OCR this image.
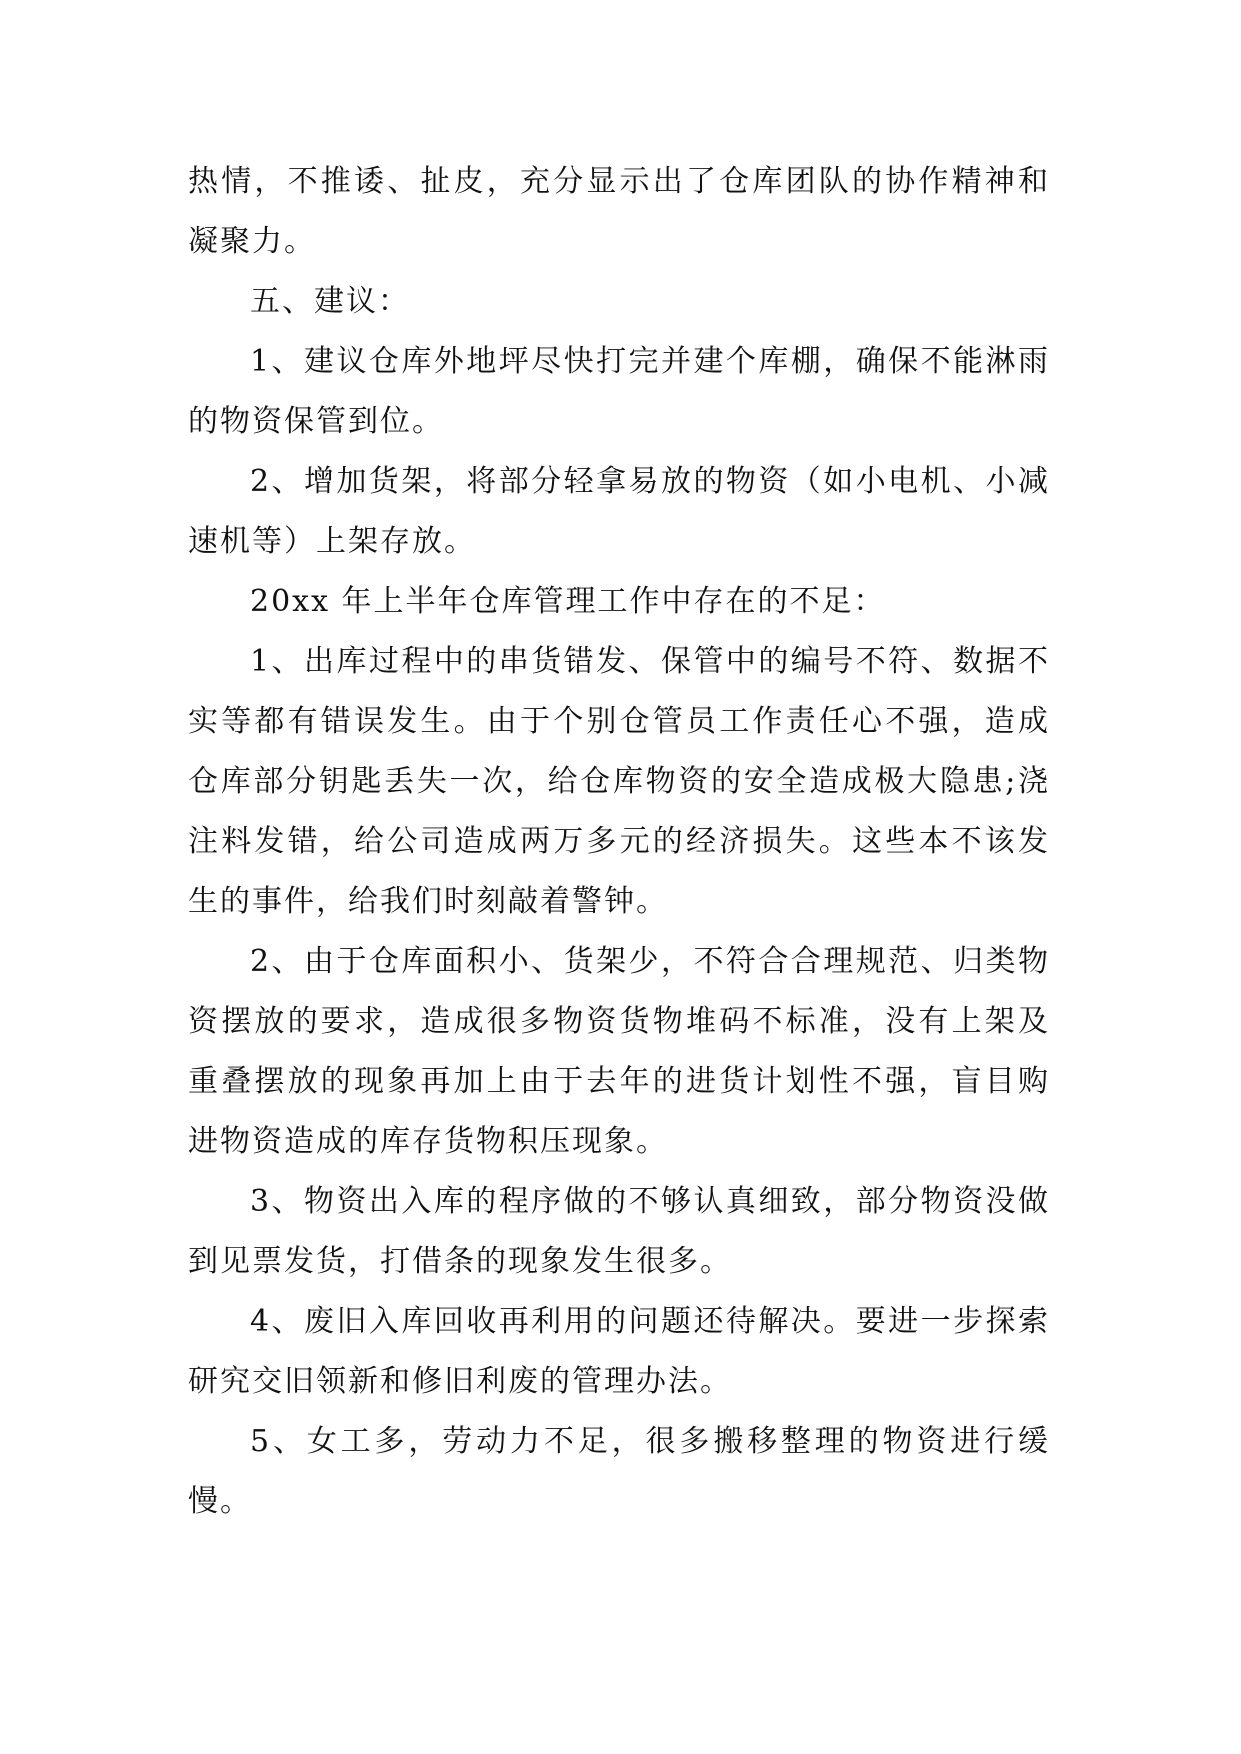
热情，不推诿、扯皮，充分显示出了仓库团队的协作精神和凝聚力。

五、建议：

1、建议仓库外地坪尽快打完并建个库棚，确保不能淋雨的物资保管到位。

2、增加货架，将部分轻拿易放的物资（如小电机、小减速机等）上架存放。

20xx 年上半年仓库管理工作中存在的不足：

1、出库过程中的串货错发、保管中的编号不符、数据不实等都有错误发生。由于个别仓管员工作责任心不强，造成仓库部分钥匙丢失一次，给仓库物资的安全造成极大隐患;浇注料发错，给公司造成两万多元的经济损失。这些本不该发生的事件，给我们时刻敲着警钟。

2、由于仓库面积小、货架少，不符合合理规范、归类物资摆放的要求，造成很多物资货物堆码不标准，没有上架及重叠摆放的现象再加上由于去年的进货计划性不强，盲目购进物资造成的库存货物积压现象。

3、物资出入库的程序做的不够认真细致，部分物资没做到见票发货，打借条的现象发生很多。

4、废旧入库回收再利用的问题还待解决。要进一步探索研究交旧领新和修旧利废的管理办法。

5、女工多，劳动力不足，很多搬移整理的物资进行缓慢。
